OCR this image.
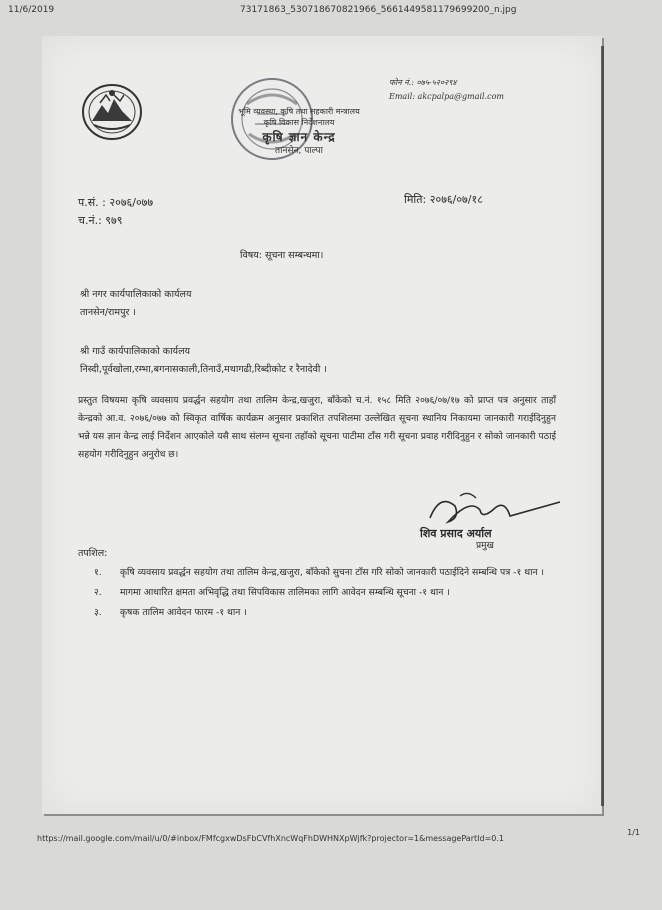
11/6/2019	73171863_530718670821966_5661449581179699200_n.jpg
भूमि व्यवस्था, कृषि तथा सहकारी मन्त्रालय
कृषि विकास निर्देशनालय
कृषि ज्ञान केन्द्र
तानसेन, पाल्पा
फोन नं.: ०७५-५२०२९४
Email: akcpalpa@gmail.com
प.सं. : २०७६/०७७
च.नं.: ९७९
मिति: २०७६/०७/१८
विषय: सूचना सम्बन्धमा।
श्री नगर कार्यपालिकाको कार्यलय
तानसेन/रामपुर ।
श्री गाउँ कार्यपालिकाको कार्यलय
निस्दी,पूर्वखोला,रम्भा,बगनासकाली,तिनाउँ,मथागढी,रिब्दीकोट र रैनादेवी ।
प्रस्तुत विषयमा कृषि व्यवसाय प्रवर्द्धन सहयोग तथा तालिम केन्द्र,खजुरा, बाँकेको च.नं. १५८ मिति २०७६/०७/१७ को प्राप्त पत्र अनुसार ताहाँ केन्द्रको आ.व. २०७६/०७७ को स्विकृत वार्षिक कार्यक्रम अनुसार प्रकाशित तपशिलमा उल्लेखित सूचना स्थानिय निकायमा जानकारी गराईदिनुहुन भन्ने यस ज्ञान केन्द्र लाई निर्देशन आएकोले यसै साथ संलग्न सूचना तहाँको सूचना पाटीमा टाँस गरी सूचना प्रवाह गरीदिनुहुन र सोको जानकारी पठाई सहयोग गरीदिनुहुन अनुरोध छ।
शिव प्रसाद अर्याल
प्रमुख
तपशिल:
१. कृषि व्यवसाय प्रवर्द्धन सहयोग तथा तालिम केन्द्र,खजुरा, बाँकेको सुचना टाँस गरि सोको जानकारी पठाईदिने सम्बन्धि पत्र -१ थान ।
२. मागमा आधारित क्षमता अभिवृद्धि तथा सिपविकास तालिमका लागि आवेदन सम्बन्धि सूचना -१ थान ।
३. कृषक तालिम आवेदन फारम -१ थान ।
https://mail.google.com/mail/u/0/#inbox/FMfcgxwDsFbCVfhXncWqFhDWHNXpWjfk?projector=1&messagePartId=0.1
1/1
